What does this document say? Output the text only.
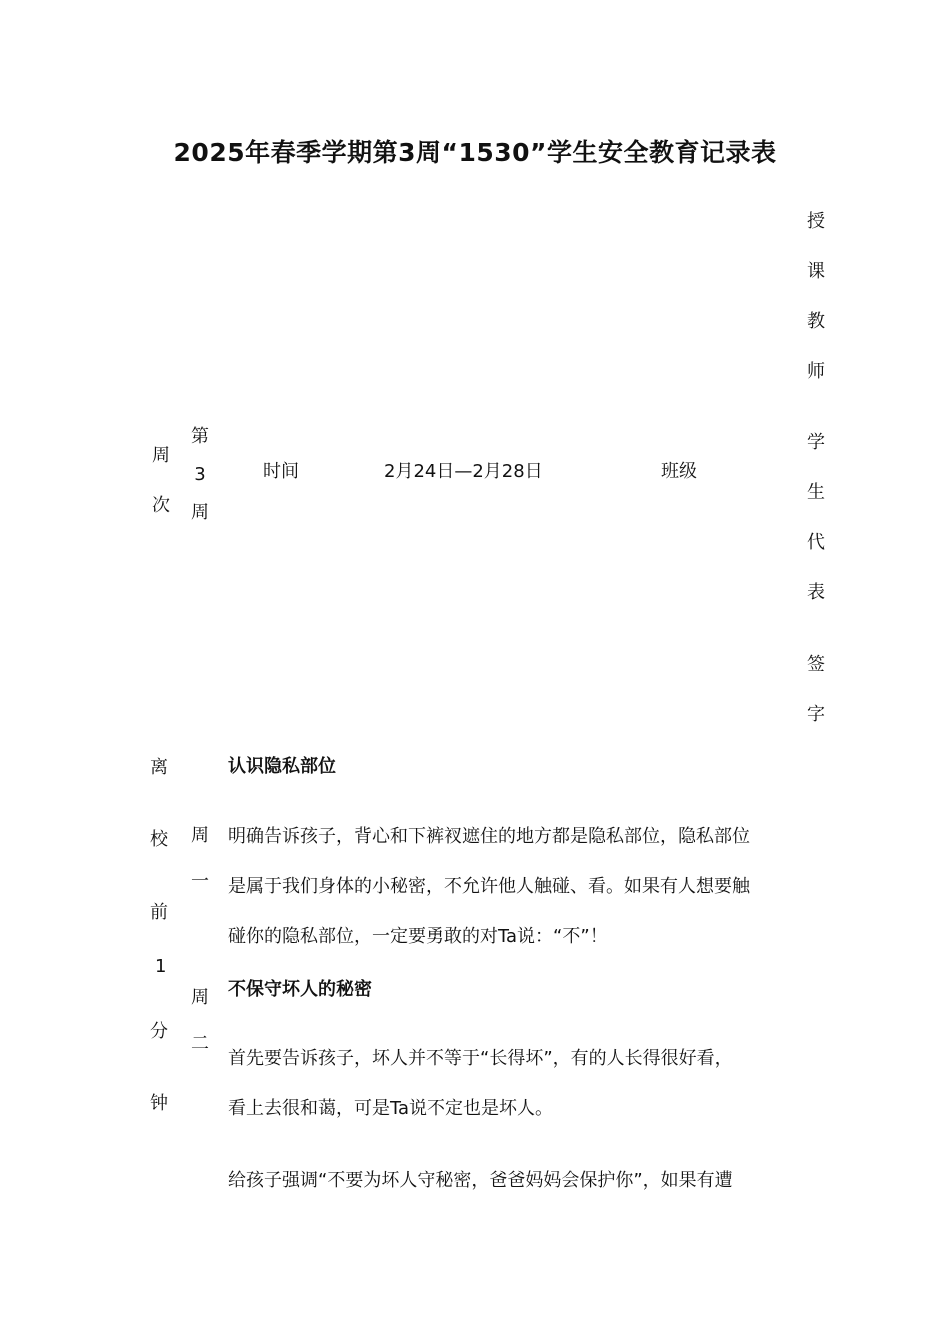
2025年春季学期第3周“1530”学生安全教育记录表
周
次
第
3
周
时间	2月24日—2月28日	班级
授
课
教
师
学
生
代
表
签
字
离
校
前
1
分
钟
周
一
周
二
认识隐私部位
明确告诉孩子，背心和下裤衩遮住的地方都是隐私部位，隐私部位
是属于我们身体的小秘密，不允许他人触碰、看。如果有人想要触
碰你的隐私部位，一定要勇敢的对Ta说：“不”！
不保守坏人的秘密
首先要告诉孩子，坏人并不等于“长得坏”，有的人长得很好看，
看上去很和蔼，可是Ta说不定也是坏人。
给孩子强调“不要为坏人守秘密，爸爸妈妈会保护你”，如果有遭
